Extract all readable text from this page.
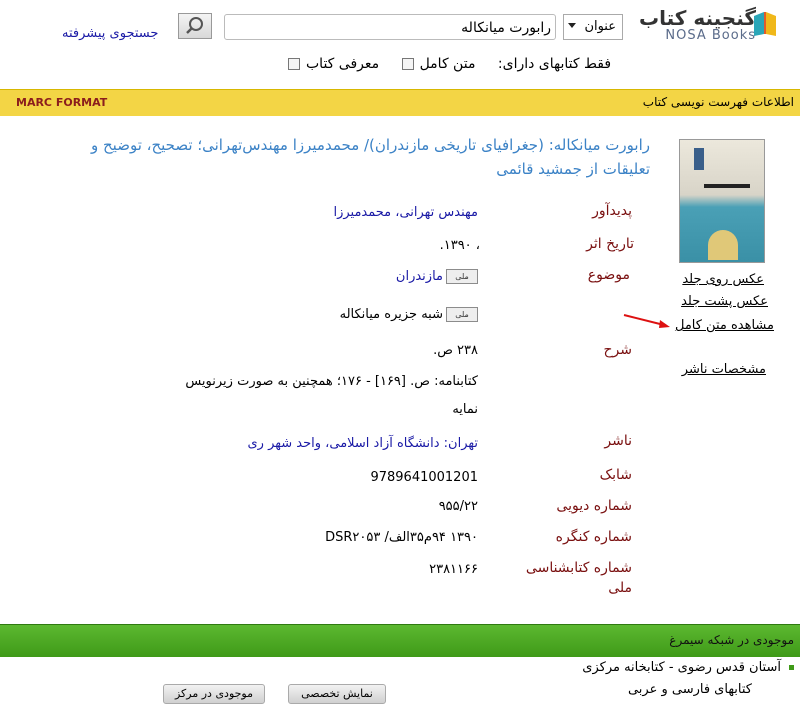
گنجینه کتاب
NOSA Books
عنوان
رابورت میانکاله
جستجوی پیشرفته
فقط کتابهای دارای: متن کامل معرفی کتاب
اطلاعات فهرست نویسی کتاب
MARC FORMAT
رابورت میانکاله: (جغرافیای تاریخی مازندران)/ محمدمیرزا مهندس‌تهرانی؛ تصحیح، توضیح و
تعلیقات از جمشید قائمی
عکس روی جلد
عکس پشت جلد
مشاهده متن کامل
مشخصات ناشر
پدیدآور
مهندس تهرانی، محمدمیرزا
تاریخ اثر
، ۱۳۹۰.
موضوع
ملیمازندران
ملیشبه جزیره میانکاله
شرح
۲۳۸ ص.
کتابنامه: ص. [۱۶۹] - ۱۷۶؛ همچنین به صورت زیرنویس
نمایه
ناشر
تهران: دانشگاه آزاد اسلامی، واحد شهر ری
شابک
9789641001201
شماره دیویی
۹۵۵/۲۲
شماره کنگره
۱۳۹۰ ۹۴م۳۵الف/ DSR۲۰۵۳
شماره کتابشناسی
ملی
۲۳۸۱۱۶۶
موجودی در شبکه سیمرغ
آستان قدس رضوی - کتابخانه مرکزی
کتابهای فارسی و عربی
نمایش تخصصی
موجودی در مرکز
